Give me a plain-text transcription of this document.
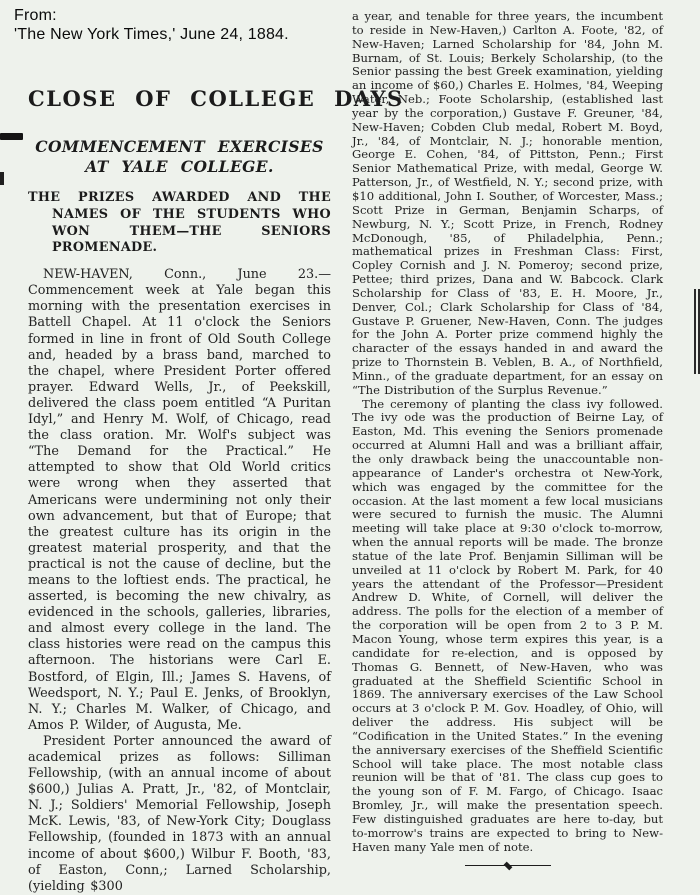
From:
'The New York Times,' June 24, 1884.
CLOSE OF COLLEGE DAYS
COMMENCEMENT EXERCISES AT YALE COLLEGE.
THE PRIZES AWARDED AND THE NAMES OF THE STUDENTS WHO WON THEM—THE SENIORS PROMENADE.

NEW-HAVEN, Conn., June 23.—Commencement week at Yale began this morning with the presentation exercises in Battell Chapel. At 11 o'clock the Seniors formed in line in front of Old South College and, headed by a brass band, marched to the chapel, where President Porter offered prayer. Edward Wells, Jr., of Peekskill, delivered the class poem entitled “A Puritan Idyl,” and Henry M. Wolf, of Chicago, read the class oration. Mr. Wolf's subject was “The Demand for the Practical.” He attempted to show that Old World critics were wrong when they asserted that Americans were undermining not only their own advancement, but that of Europe; that the greatest culture has its origin in the greatest material prosperity, and that the practical is not the cause of decline, but the means to the loftiest ends. The practical, he asserted, is becoming the new chivalry, as evidenced in the schools, galleries, libraries, and almost every college in the land. The class histories were read on the campus this afternoon. The historians were Carl E. Bostford, of Elgin, Ill.; James S. Havens, of Weedsport, N. Y.; Paul E. Jenks, of Brooklyn, N. Y.; Charles M. Walker, of Chicago, and Amos P. Wilder, of Augusta, Me.

President Porter announced the award of academical prizes as follows: Silliman Fellowship, (with an annual income of about $600,) Julias A. Pratt, Jr., '82, of Montclair, N. J.; Soldiers' Memorial Fellowship, Joseph McK. Lewis, '83, of New-York City; Douglass Fellowship, (founded in 1873 with an annual income of about $600,) Wilbur F. Booth, '83, of Easton, Conn,; Larned Scholarship, (yielding $300

a year, and tenable for three years, the incumbent to reside in New-Haven,) Carlton A. Foote, '82, of New-Haven; Larned Scholarship for '84, John M. Burnam, of St. Louis; Berkely Scholarship, (to the Senior passing the best Greek examination, yielding an income of $60,) Charles E. Holmes, '84, Weeping Water, Neb.; Foote Scholarship, (established last year by the corporation,) Gustave F. Greuner, '84, New-Haven; Cobden Club medal, Robert M. Boyd, Jr., '84, of Montclair, N. J.; honorable mention, George E. Cohen, '84, of Pittston, Penn.; First Senior Mathematical Prize, with medal, George W. Patterson, Jr., of Westfield, N. Y.; second prize, with $10 additional, John I. Souther, of Worcester, Mass.; Scott Prize in German, Benjamin Scharps, of Newburg, N. Y.; Scott Prize, in French, Rodney McDonough, '85, of Philadelphia, Penn.; mathematical prizes in Freshman Class: First, Copley Cornish and J. N. Pomeroy; second prize, Pettee; third prizes, Dana and W. Babcock. Clark Scholarship for Class of '83, E. H. Moore, Jr., Denver, Col.; Clark Scholarship for Class of '84, Gustave P. Gruener, New-Haven, Conn. The judges for the John A. Porter prize commend highly the character of the essays handed in and award the prize to Thornstein B. Veblen, B. A., of Northfield, Minn., of the graduate department, for an essay on “The Distribution of the Surplus Revenue.”

The ceremony of planting the class ivy followed. The ivy ode was the production of Beirne Lay, of Easton, Md. This evening the Seniors promenade occurred at Alumni Hall and was a brilliant affair, the only drawback being the unaccountable non-appearance of Lander's orchestra ot New-York, which was engaged by the committee for the occasion. At the last moment a few local musicians were secured to furnish the music. The Alumni meeting will take place at 9:30 o'clock to-morrow, when the annual reports will be made. The bronze statue of the late Prof. Benjamin Silliman will be unveiled at 11 o'clock by Robert M. Park, for 40 years the attendant of the Professor—President Andrew D. White, of Cornell, will deliver the address. The polls for the election of a member of the corporation will be open from 2 to 3 P. M. Macon Young, whose term expires this year, is a candidate for re-election, and is opposed by Thomas G. Bennett, of New-Haven, who was graduated at the Sheffield Scientific School in 1869. The anniversary exercises of the Law School occurs at 3 o'clock P. M. Gov. Hoadley, of Ohio, will deliver the address. His subject will be “Codification in the United States.” In the evening the anniversary exercises of the Sheffield Scientific School will take place. The most notable class reunion will be that of '81. The class cup goes to the young son of F. M. Fargo, of Chicago. Isaac Bromley, Jr., will make the presentation speech. Few distinguished graduates are here to-day, but to-morrow's trains are expected to bring to New-Haven many Yale men of note.
